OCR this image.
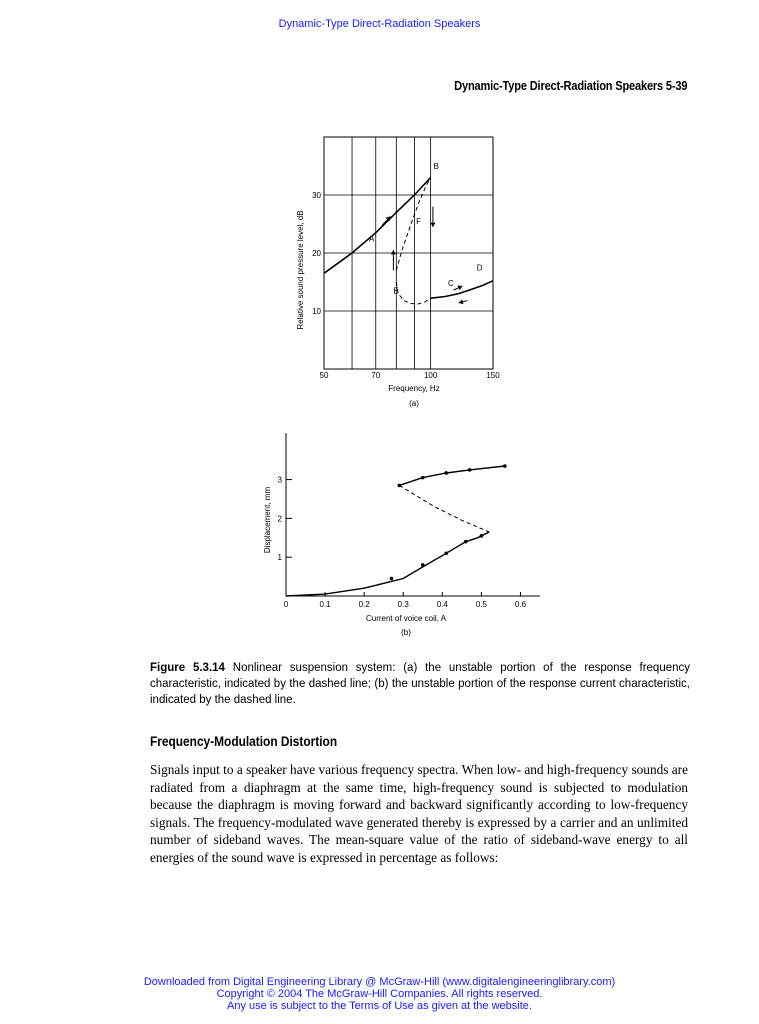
Dynamic-Type Direct-Radiation Speakers
Dynamic-Type Direct-Radiation Speakers 5-39
50	70	100	150
10
20
30
A
B
C
D
E
F
Frequency, Hz
(a)
Relative sound pressure level, dB
0	0.1	0.2	0.3	0.4	0.5	0.6
1
2
3
Current of voice coil, A
(b)
Displacement, mm
Figure 5.3.14 Nonlinear suspension system: (a) the unstable portion of the response frequency characteristic, indicated by the dashed line; (b) the unstable portion of the response current characteristic, indicated by the dashed line.
Frequency-Modulation Distortion
Signals input to a speaker have various frequency spectra. When low- and high-frequency sounds are radiated from a diaphragm at the same time, high-frequency sound is subjected to modulation because the diaphragm is moving forward and backward significantly according to low-frequency signals. The frequency-modulated wave generated thereby is expressed by a carrier and an unlimited number of sideband waves. The mean-square value of the ratio of sideband-wave energy to all energies of the sound wave is expressed in percentage as follows:
Downloaded from Digital Engineering Library @ McGraw-Hill (www.digitalengineeringlibrary.com)
Copyright © 2004 The McGraw-Hill Companies. All rights reserved.
Any use is subject to the Terms of Use as given at the website.
